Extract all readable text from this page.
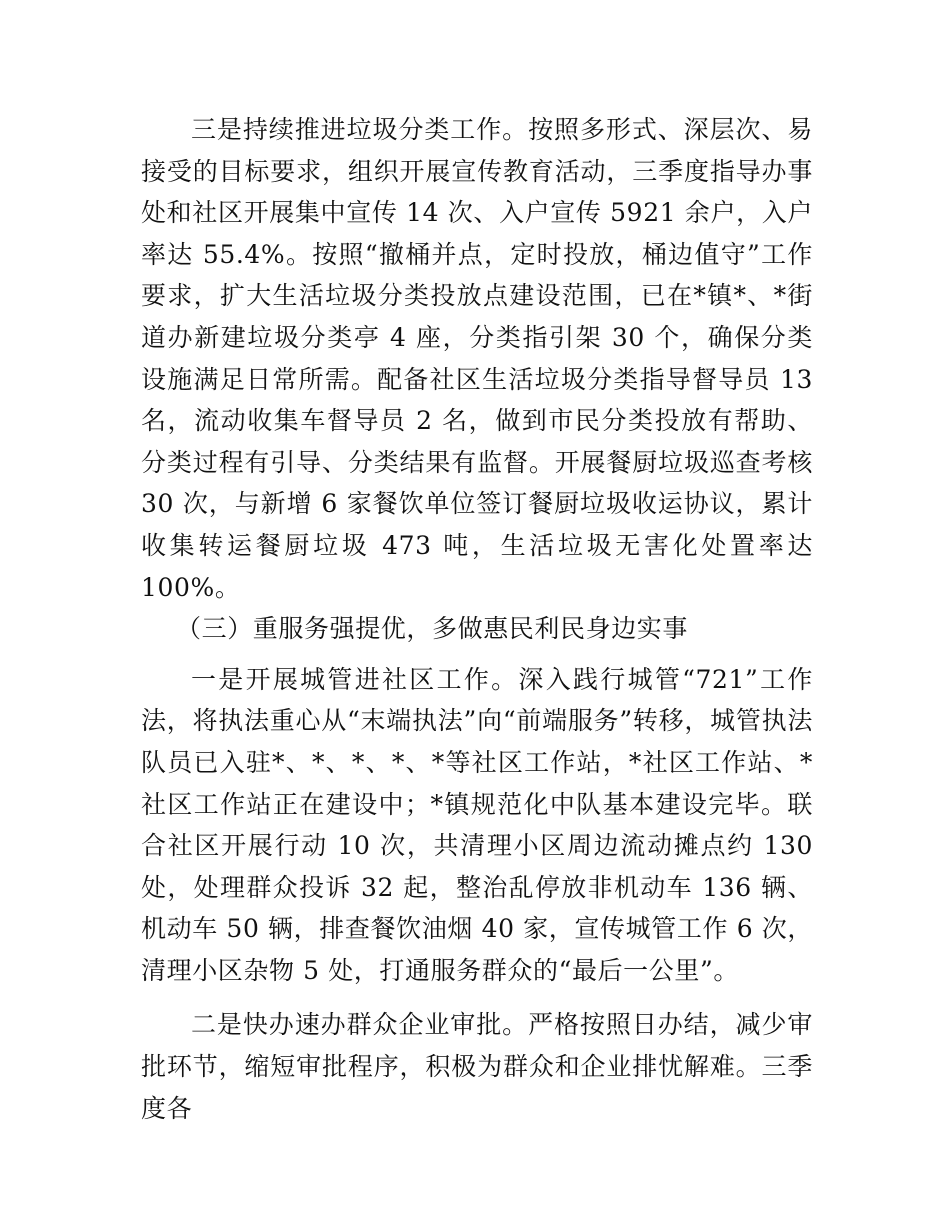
三是持续推进垃圾分类工作。按照多形式、深层次、易接受的目标要求，组织开展宣传教育活动，三季度指导办事处和社区开展集中宣传 14 次、入户宣传 5921 余户，入户率达 55.4%。按照“撤桶并点，定时投放，桶边值守”工作要求，扩大生活垃圾分类投放点建设范围，已在*镇*、*街道办新建垃圾分类亭 4 座，分类指引架 30 个，确保分类设施满足日常所需。配备社区生活垃圾分类指导督导员 13 名，流动收集车督导员 2 名，做到市民分类投放有帮助、分类过程有引导、分类结果有监督。开展餐厨垃圾巡查考核 30 次，与新增 6 家餐饮单位签订餐厨垃圾收运协议，累计收集转运餐厨垃圾 473 吨，生活垃圾无害化处置率达 100%。

（三）重服务强提优，多做惠民利民身边实事

一是开展城管进社区工作。深入践行城管“721”工作法，将执法重心从“末端执法”向“前端服务”转移，城管执法队员已入驻*、*、*、*、*等社区工作站，*社区工作站、*社区工作站正在建设中；*镇规范化中队基本建设完毕。联合社区开展行动 10 次，共清理小区周边流动摊点约 130 处，处理群众投诉 32 起，整治乱停放非机动车 136 辆、机动车 50 辆，排查餐饮油烟 40 家，宣传城管工作 6 次，清理小区杂物 5 处，打通服务群众的“最后一公里”。

二是快办速办群众企业审批。严格按照日办结，减少审批环节，缩短审批程序，积极为群众和企业排忧解难。三季度各
